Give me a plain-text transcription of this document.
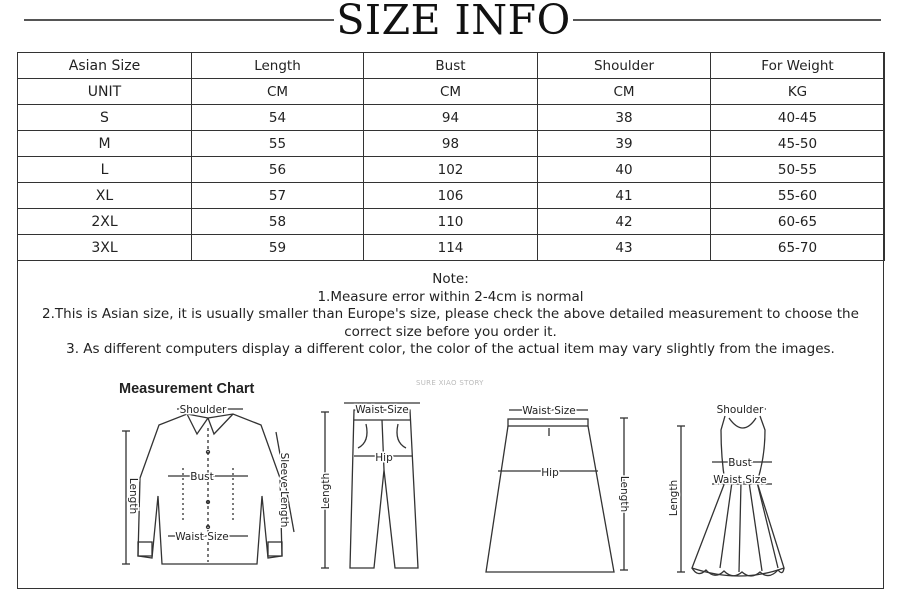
SIZE INFO
Asian Size	Length	Bust	Shoulder	For Weight
UNIT	CM	CM	CM	KG
S	54	94	38	40-45
M	55	98	39	45-50
L	56	102	40	50-55
XL	57	106	41	55-60
2XL	58	110	42	60-65
3XL	59	114	43	65-70
Note:
1.Measure error within 2-4cm is normal
2.This is Asian size, it is usually smaller than Europe's size, please check the above detailed measurement to choose the correct size before you order it.
3. As different computers display a different color, the color of the actual item may vary slightly from the images.
Measurement Chart	SURE XIAO STORY
Shoulder
Bust
Waist Size
Length	Sleeve Length
Waist Size
Hip
Length
Waist Size
Hip
Length
Shoulder
Bust
Waist Size
Length
